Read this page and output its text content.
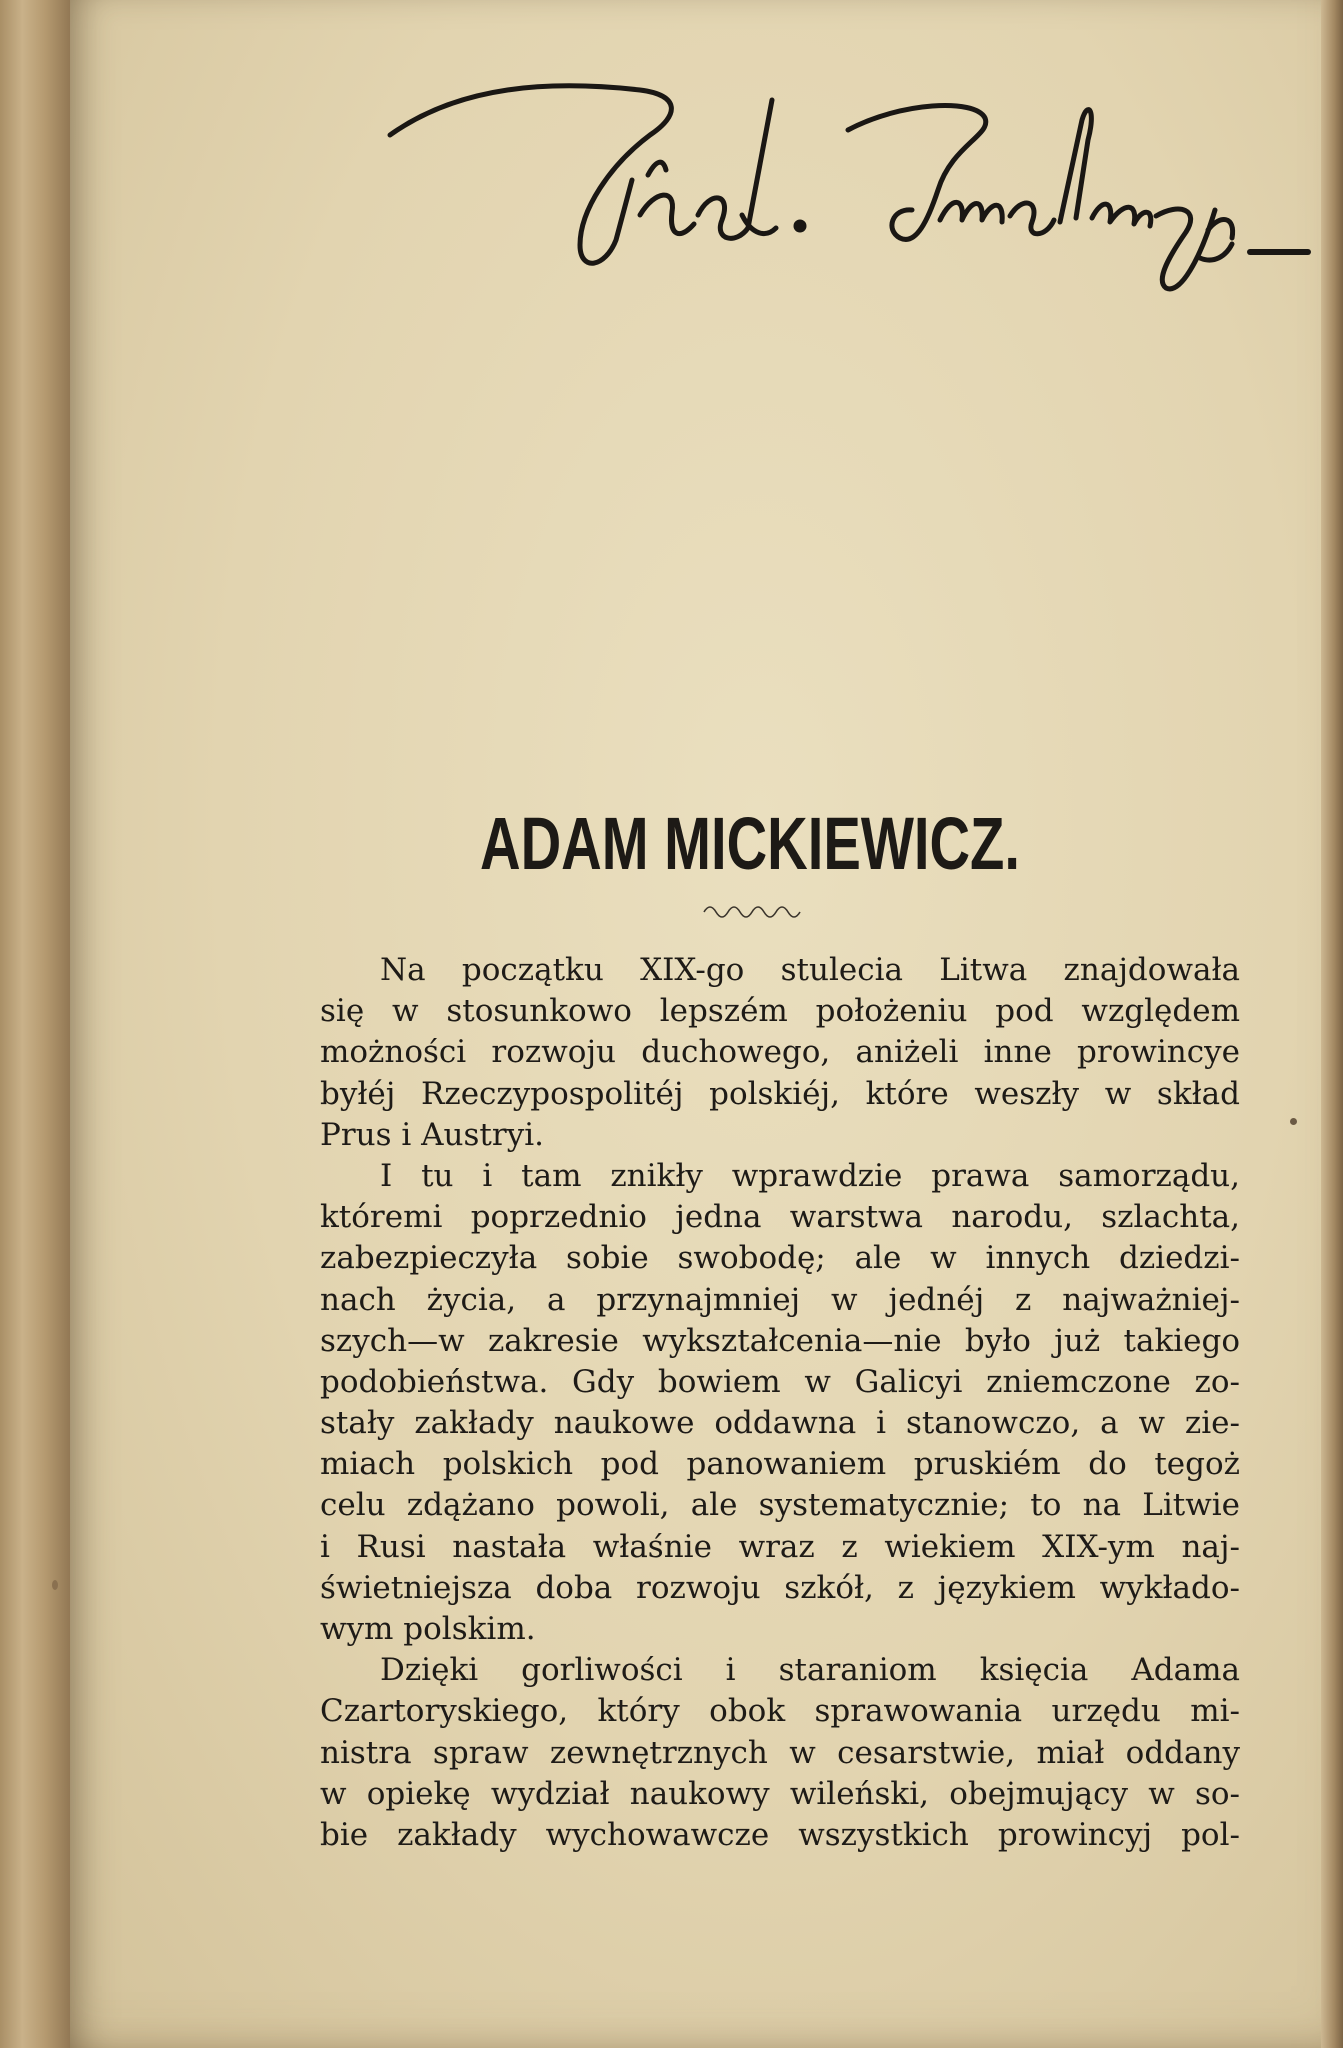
ADAM MICKIEWICZ.
Na początku XIX-go stulecia Litwa znajdowała
się w stosunkowo lepszém położeniu pod względem
możności rozwoju duchowego, aniżeli inne prowincye
byłéj Rzeczypospolitéj polskiéj, które weszły w skład
Prus i Austryi.
I tu i tam znikły wprawdzie prawa samorządu,
któremi poprzednio jedna warstwa narodu, szlachta,
zabezpieczyła sobie swobodę; ale w innych dziedzi-
nach życia, a przynajmniej w jednéj z najważniej-
szych—w zakresie wykształcenia—nie było już takiego
podobieństwa. Gdy bowiem w Galicyi zniemczone zo-
stały zakłady naukowe oddawna i stanowczo, a w zie-
miach polskich pod panowaniem pruskiém do tegoż
celu zdążano powoli, ale systematycznie; to na Litwie
i Rusi nastała właśnie wraz z wiekiem XIX-ym naj-
świetniejsza doba rozwoju szkół, z językiem wykłado-
wym polskim.
Dzięki gorliwości i staraniom księcia Adama
Czartoryskiego, który obok sprawowania urzędu mi-
nistra spraw zewnętrznych w cesarstwie, miał oddany
w opiekę wydział naukowy wileński, obejmujący w so-
bie zakłady wychowawcze wszystkich prowincyj pol-
